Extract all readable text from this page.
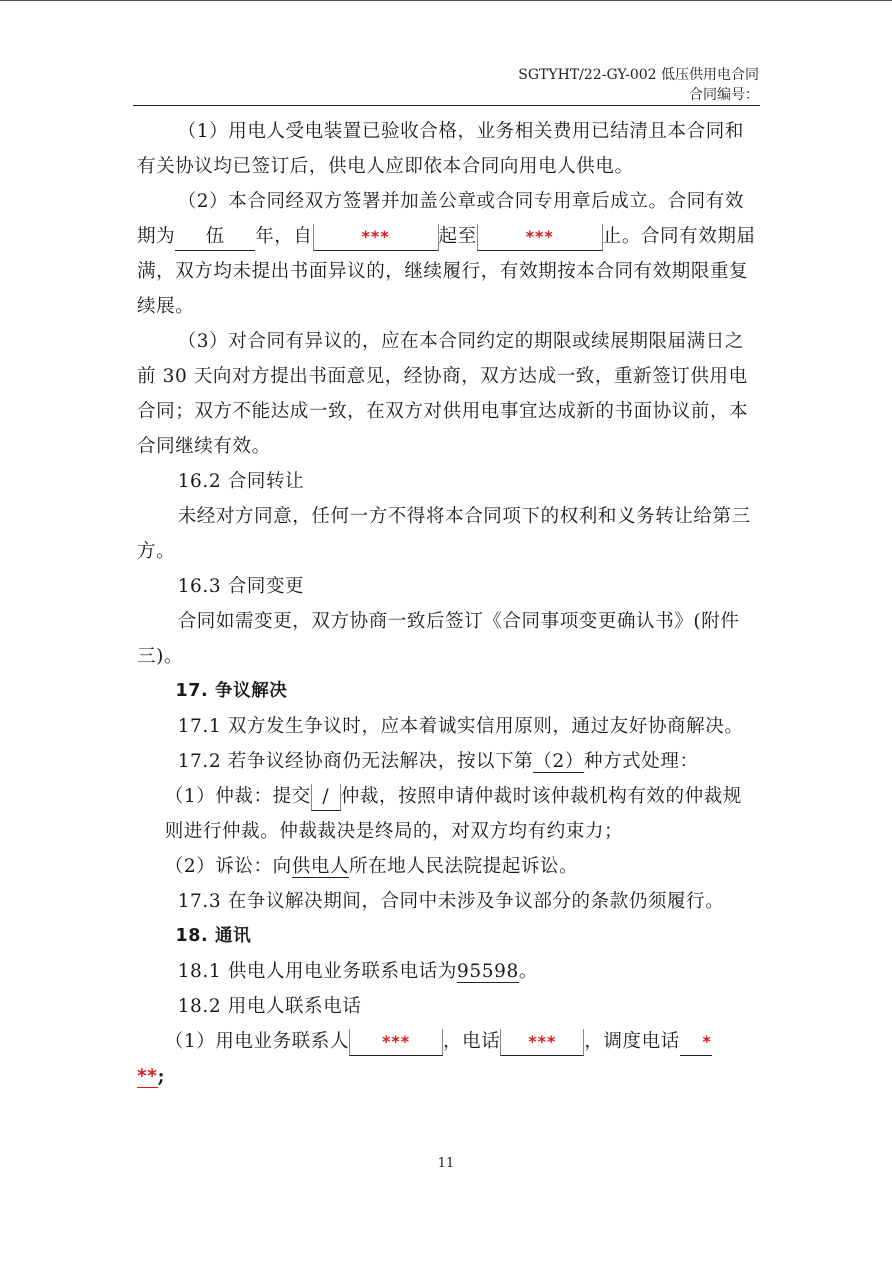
SGTYHT/22-GY-002 低压供用电合同
合同编号：

（1）用电人受电装置已验收合格，业务相关费用已结清且本合同和有关协议均已签订后，供电人应即依本合同向用电人供电。

（2）本合同经双方签署并加盖公章或合同专用章后成立。合同有效期为 伍 年，自	***	起至	***	止。合同有效期届满，双方均未提出书面异议的，继续履行，有效期按本合同有效期限重复续展。

（3）对合同有异议的，应在本合同约定的期限或续展期限届满日之前 30 天向对方提出书面意见，经协商，双方达成一致，重新签订供用电合同；双方不能达成一致，在双方对供用电事宜达成新的书面协议前，本合同继续有效。

16.2 合同转让

未经对方同意，任何一方不得将本合同项下的权利和义务转让给第三方。

16.3 合同变更

合同如需变更，双方协商一致后签订《合同事项变更确认书》(附件三)。

17. 争议解决

17.1 双方发生争议时，应本着诚实信用原则，通过友好协商解决。

17.2 若争议经协商仍无法解决，按以下第（2）种方式处理：

（1）仲裁：提交 / 仲裁，按照申请仲裁时该仲裁机构有效的仲裁规则进行仲裁。仲裁裁决是终局的，对双方均有约束力；

（2）诉讼：向供电人所在地人民法院提起诉讼。

17.3 在争议解决期间，合同中未涉及争议部分的条款仍须履行。

18. 通讯

18.1 供电人用电业务联系电话为95598。

18.2 用电人联系电话

（1）用电业务联系人 *** ，电话 *** ，调度电话 *

**;

11
